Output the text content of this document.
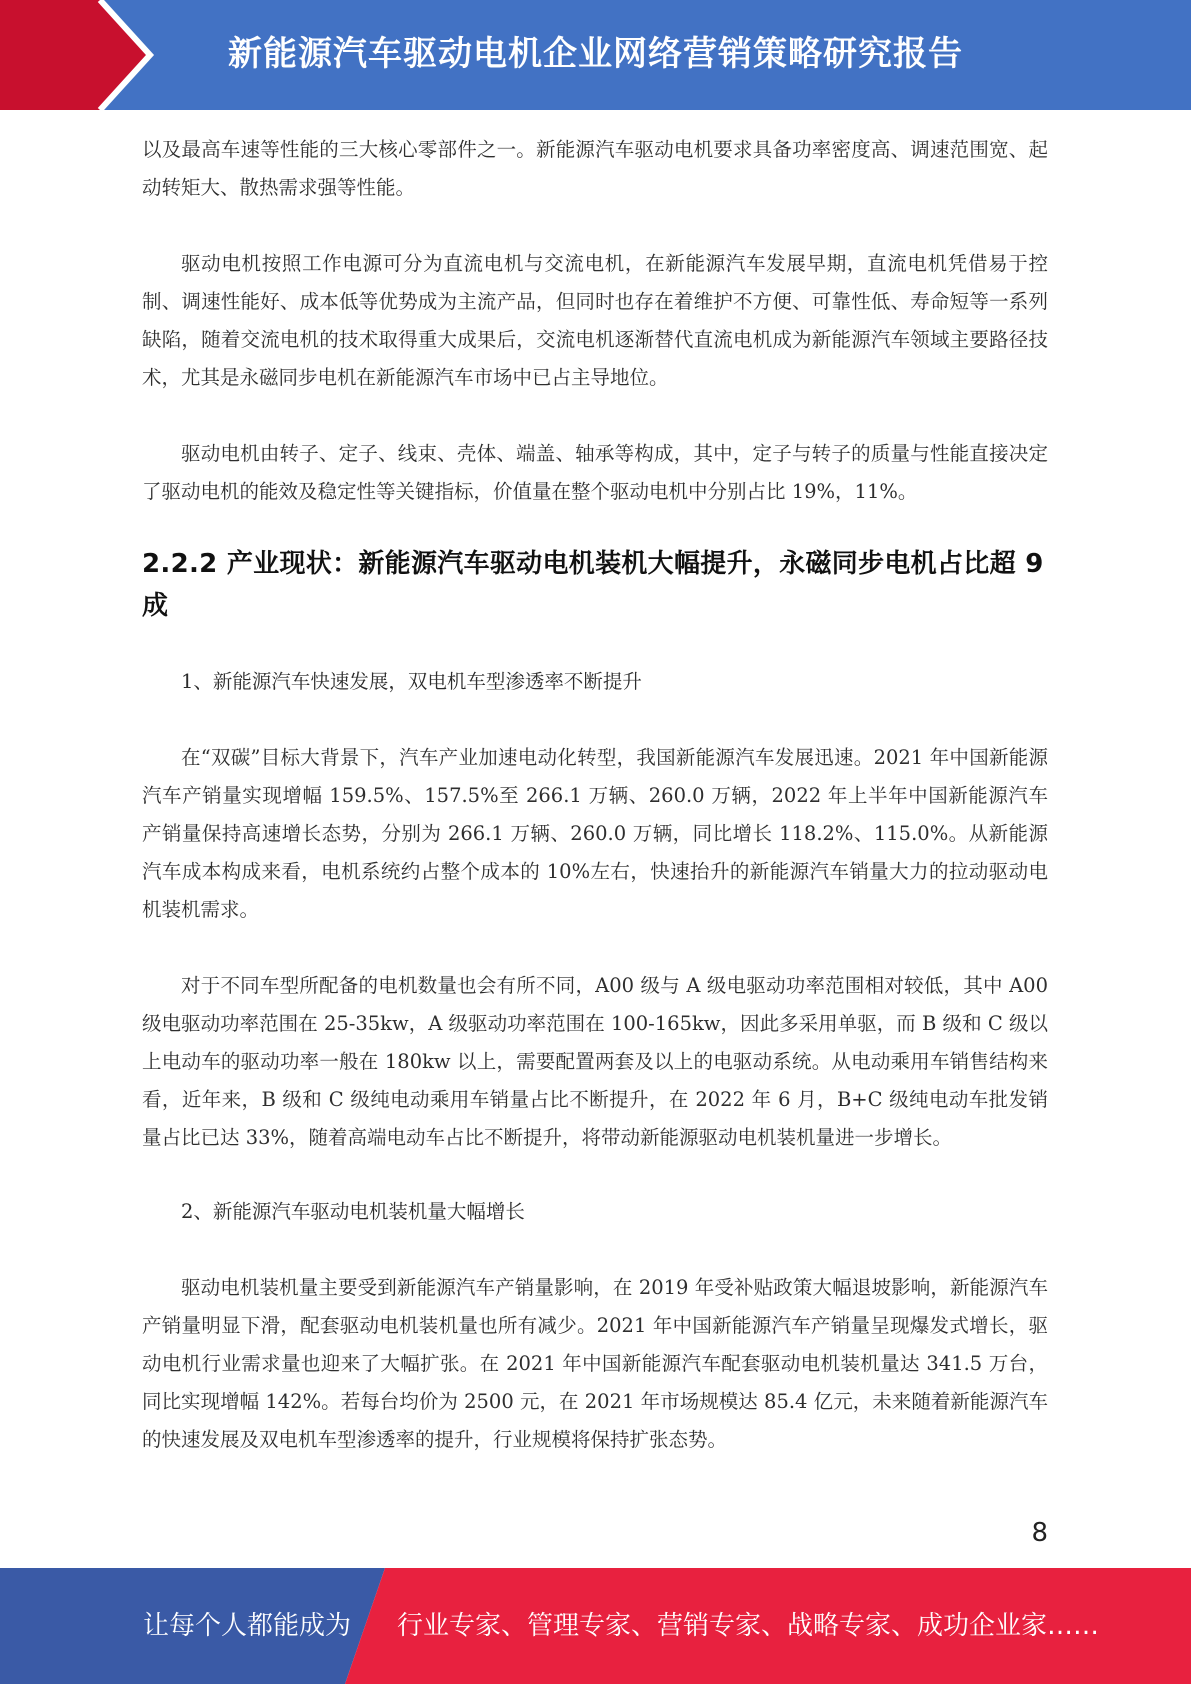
新能源汽车驱动电机企业网络营销策略研究报告

以及最高车速等性能的三大核心零部件之一。新能源汽车驱动电机要求具备功率密度高、调速范围宽、起动转矩大、散热需求强等性能。

驱动电机按照工作电源可分为直流电机与交流电机，在新能源汽车发展早期，直流电机凭借易于控制、调速性能好、成本低等优势成为主流产品，但同时也存在着维护不方便、可靠性低、寿命短等一系列缺陷，随着交流电机的技术取得重大成果后，交流电机逐渐替代直流电机成为新能源汽车领域主要路径技术，尤其是永磁同步电机在新能源汽车市场中已占主导地位。

驱动电机由转子、定子、线束、壳体、端盖、轴承等构成，其中，定子与转子的质量与性能直接决定了驱动电机的能效及稳定性等关键指标，价值量在整个驱动电机中分别占比 19%，11%。

2.2.2 产业现状：新能源汽车驱动电机装机大幅提升，永磁同步电机占比超 9 成

1、新能源汽车快速发展，双电机车型渗透率不断提升

在“双碳”目标大背景下，汽车产业加速电动化转型，我国新能源汽车发展迅速。2021 年中国新能源汽车产销量实现增幅 159.5%、157.5%至 266.1 万辆、260.0 万辆，2022 年上半年中国新能源汽车产销量保持高速增长态势，分别为 266.1 万辆、260.0 万辆，同比增长 118.2%、115.0%。从新能源汽车成本构成来看，电机系统约占整个成本的 10%左右，快速抬升的新能源汽车销量大力的拉动驱动电机装机需求。

对于不同车型所配备的电机数量也会有所不同，A00 级与 A 级电驱动功率范围相对较低，其中 A00 级电驱动功率范围在 25-35kw，A 级驱动功率范围在 100-165kw，因此多采用单驱，而 B 级和 C 级以上电动车的驱动功率一般在 180kw 以上，需要配置两套及以上的电驱动系统。从电动乘用车销售结构来看，近年来，B 级和 C 级纯电动乘用车销量占比不断提升，在 2022 年 6 月，B+C 级纯电动车批发销量占比已达 33%，随着高端电动车占比不断提升，将带动新能源驱动电机装机量进一步增长。

2、新能源汽车驱动电机装机量大幅增长

驱动电机装机量主要受到新能源汽车产销量影响，在 2019 年受补贴政策大幅退坡影响，新能源汽车产销量明显下滑，配套驱动电机装机量也所有减少。2021 年中国新能源汽车产销量呈现爆发式增长，驱动电机行业需求量也迎来了大幅扩张。在 2021 年中国新能源汽车配套驱动电机装机量达 341.5 万台，同比实现增幅 142%。若每台均价为 2500 元，在 2021 年市场规模达 85.4 亿元，未来随着新能源汽车的快速发展及双电机车型渗透率的提升，行业规模将保持扩张态势。

8
让每个人都能成为 行业专家、管理专家、营销专家、战略专家、成功企业家……
